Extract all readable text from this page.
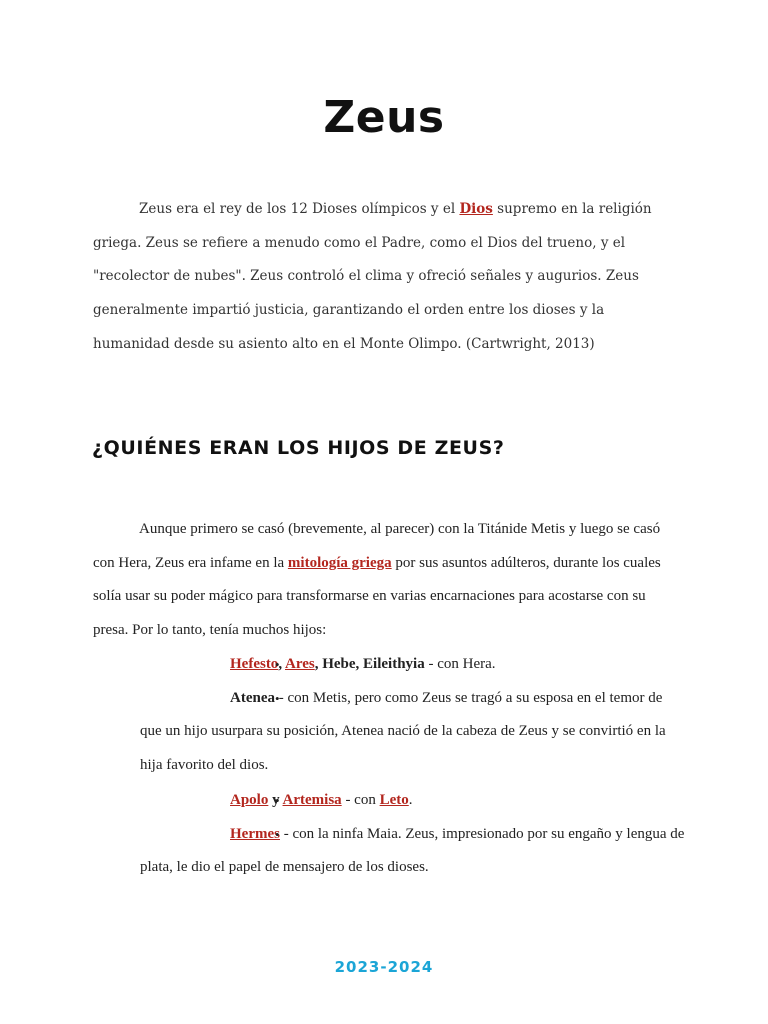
Zeus

Zeus era el rey de los 12 Dioses olímpicos y el Dios supremo en la religión griega. Zeus se refiere a menudo como el Padre, como el Dios del trueno, y el "recolector de nubes". Zeus controló el clima y ofreció señales y augurios. Zeus generalmente impartió justicia, garantizando el orden entre los dioses y la humanidad desde su asiento alto en el Monte Olimpo. (Cartwright, 2013)

¿QUIÉNES ERAN LOS HIJOS DE ZEUS?

Aunque primero se casó (brevemente, al parecer) con la Titánide Metis y luego se casó con Hera, Zeus era infame en la mitología griega por sus asuntos adúlteros, durante los cuales solía usar su poder mágico para transformarse en varias encarnaciones para acostarse con su presa. Por lo tanto, tenía muchos hijos:

• Hefesto, Ares, Hebe, Eileithyia - con Hera.
• Atenea - con Metis, pero como Zeus se tragó a su esposa en el temor de que un hijo usurpara su posición, Atenea nació de la cabeza de Zeus y se convirtió en la hija favorito del dios.
• Apolo y Artemisa - con Leto.
• Hermes - con la ninfa Maia. Zeus, impresionado por su engaño y lengua de plata, le dio el papel de mensajero de los dioses.
2023-2024
